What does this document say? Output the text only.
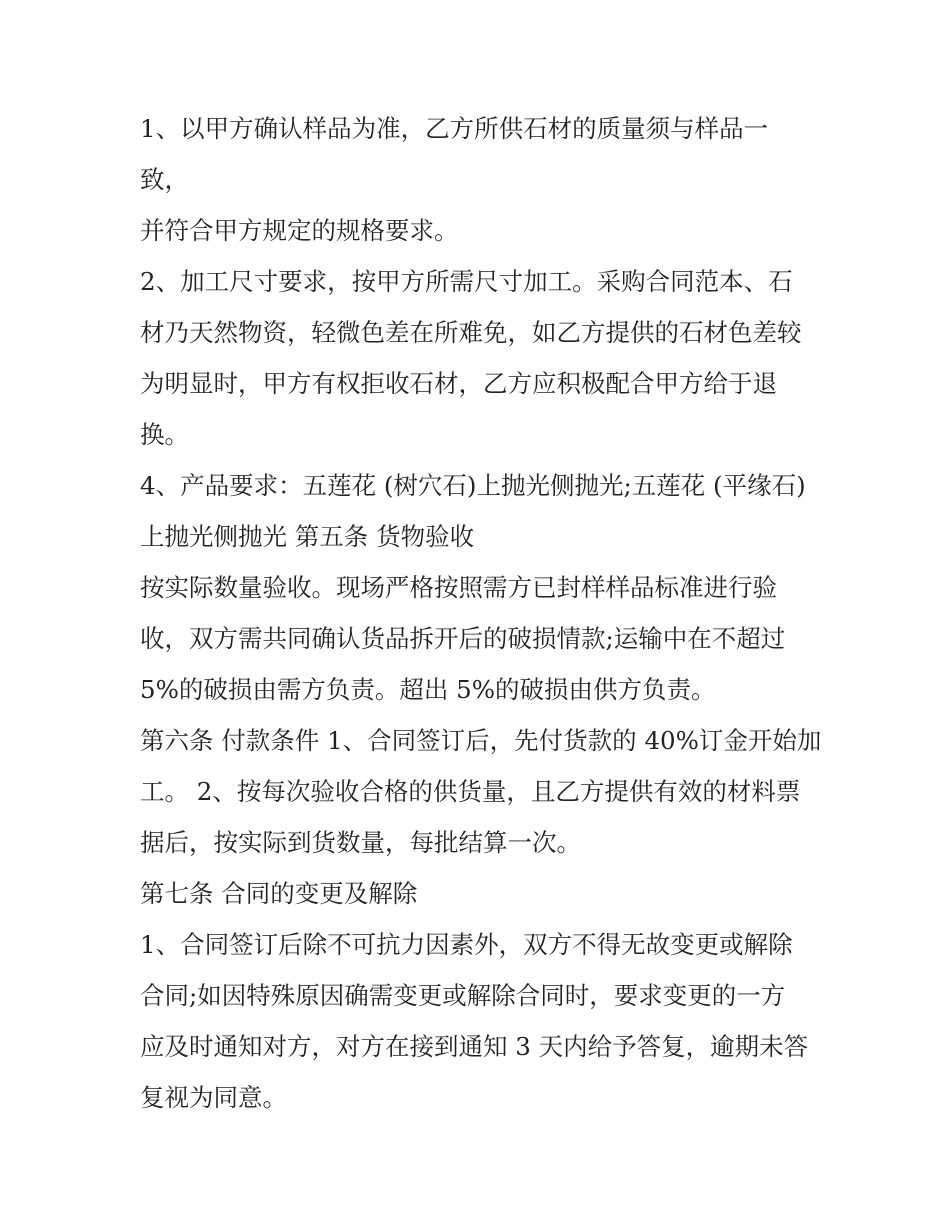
1、以甲方确认样品为准，乙方所供石材的质量须与样品一
致，
并符合甲方规定的规格要求。
2、加工尺寸要求，按甲方所需尺寸加工。采购合同范本、石
材乃天然物资，轻微色差在所难免，如乙方提供的石材色差较
为明显时，甲方有权拒收石材，乙方应积极配合甲方给于退
换。
4、产品要求：五莲花 (树穴石)上抛光侧抛光;五莲花 (平缘石)
上抛光侧抛光 第五条 货物验收
按实际数量验收。现场严格按照需方已封样样品标准进行验
收，双方需共同确认货品拆开后的破损情款;运输中在不超过
5%的破损由需方负责。超出 5%的破损由供方负责。
第六条 付款条件 1、合同签订后，先付货款的 40%订金开始加
工。 2、按每次验收合格的供货量，且乙方提供有效的材料票
据后，按实际到货数量，每批结算一次。
第七条 合同的变更及解除
1、合同签订后除不可抗力因素外，双方不得无故变更或解除
合同;如因特殊原因确需变更或解除合同时，要求变更的一方
应及时通知对方，对方在接到通知 3 天内给予答复，逾期未答
复视为同意。
